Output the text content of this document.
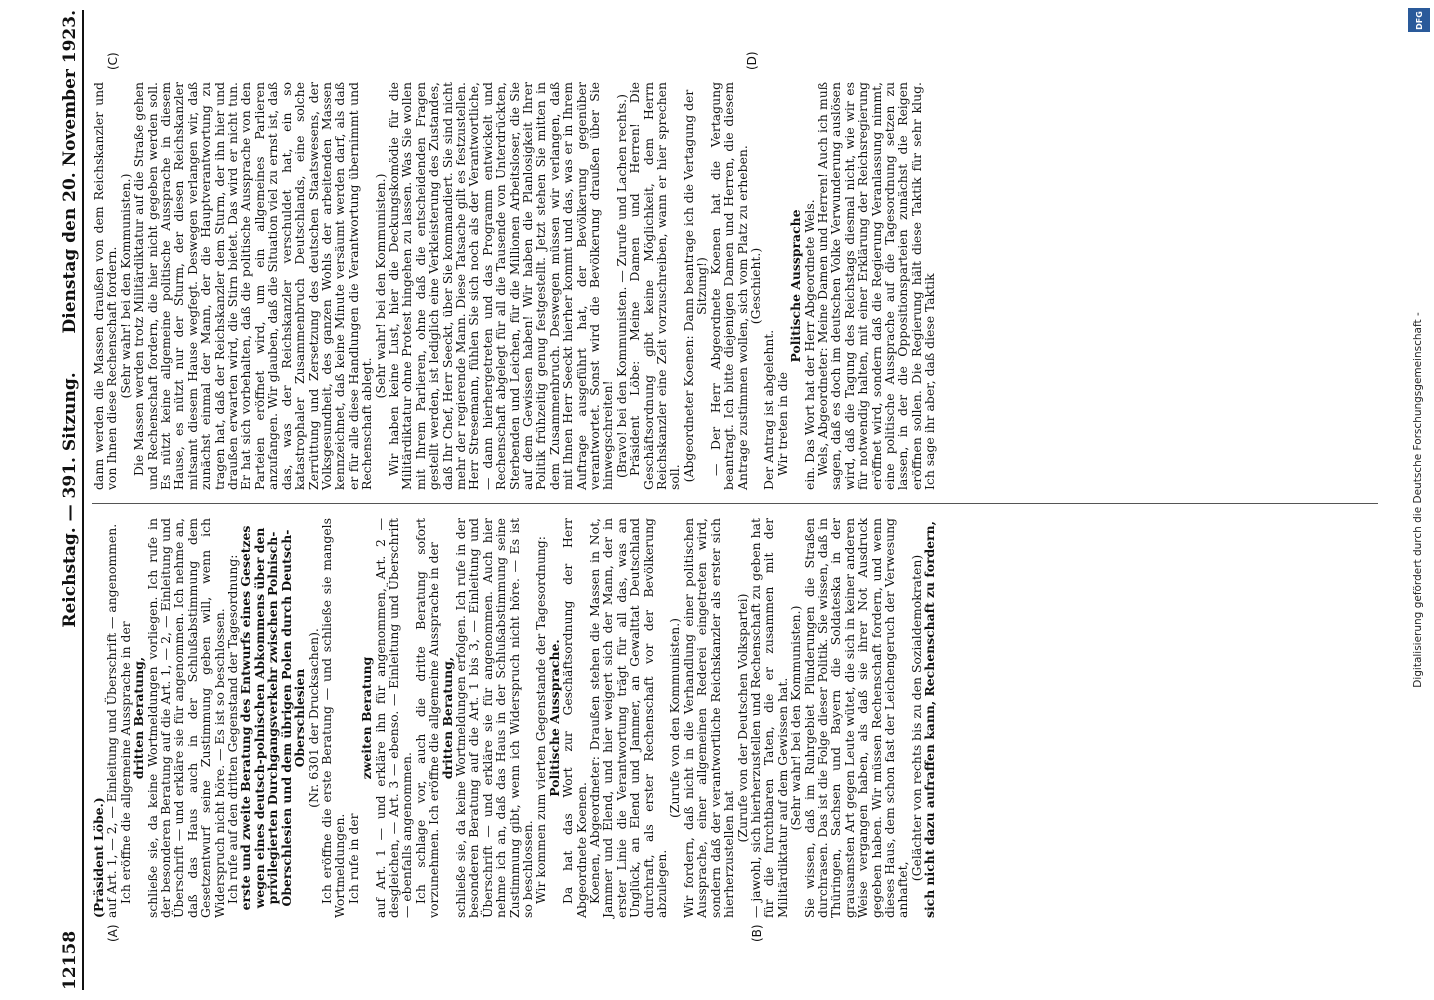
DFG
Digitalisierung gefördert durch die Deutsche Forschungsgemeinschaft -
12158
Reichstag. — 391. Sitzung.
Dienstag den 20. November 1923.
(A)	(B)
(C)	(D)

(Präsident Löbe.)

auf Art. 1, — 2, — Einleitung und Überschrift — angenommen.

Ich eröffne die allgemeine Aussprache in der

dritten Beratung,

schließe sie, da keine Wortmeldungen vorliegen. Ich rufe in der besonderen Beratung auf die Art. 1, — 2, — Einleitung und Überschrift — und erkläre sie für angenommen. Ich nehme an, daß das Haus auch in der Schlußabstimmung dem Gesetzentwurf seine Zustimmung geben will, wenn ich Widerspruch nicht höre. — Es ist so beschlossen.

Ich rufe auf den dritten Gegenstand der Tagesordnung:

erste und zweite Beratung des Entwurfs eines Gesetzes wegen eines deutsch-polnischen Abkommens über den privilegierten Durchgangsverkehr zwischen Polnisch-Oberschlesien und dem übrigen Polen durch Deutsch-Oberschlesien

(Nr. 6301 der Drucksachen).

Ich eröffne die erste Beratung — und schließe sie mangels Wortmeldungen.

Ich rufe in der

zweiten Beratung

auf Art. 1 — und erkläre ihn für angenommen, Art. 2 — desgleichen, — Art. 3 — ebenso. — Einleitung und Überschrift — ebenfalls angenommen.

Ich schlage vor, auch die dritte Beratung sofort vorzunehmen. Ich eröffne die allgemeine Aussprache in der

dritten Beratung,

schließe sie, da keine Wortmeldungen erfolgen. Ich rufe in der besonderen Beratung auf die Art. 1 bis 3, — Einleitung und Überschrift — und erkläre sie für angenommen. Auch hier nehme ich an, daß das Haus in der Schlußabstimmung seine Zustimmung gibt, wenn ich Widerspruch nicht höre. — Es ist so beschlossen.

Wir kommen zum vierten Gegenstande der Tagesordnung:

Politische Aussprache.

Da hat das Wort zur Geschäftsordnung der Herr Abgeordnete Koenen.

Koenen, Abgeordneter: Draußen stehen die Massen in Not, Jammer und Elend, und hier weigert sich der Mann, der in erster Linie die Verantwortung trägt für all das, was an Unglück, an Elend und Jammer, an Gewalttat Deutschland durchraft, als erster Rechenschaft vor der Bevölkerung abzulegen.

(Zurufe von den Kommunisten.)

Wir fordern, daß nicht in die Verhandlung einer politischen Aussprache, einer allgemeinen Rederei eingetreten wird, sondern daß der verantwortliche Reichskanzler als erster sich hierherzustellen hat

(Zurufe von der Deutschen Volkspartei)

— jawohl, sich hierherzustellen und Rechenschaft zu geben hat für die furchtbaren Taten, die er zusammen mit der Militärdiktatur auf dem Gewissen hat.

(Sehr wahr! bei den Kommunisten.)

Sie wissen, daß im Ruhrgebiet Plünderungen die Straßen durchrasen. Das ist die Folge dieser Politik. Sie wissen, daß in Thüringen, Sachsen und Bayern die Soldateska in der grausamsten Art gegen Leute wütet, die sich in keiner anderen Weise vergangen haben, als daß sie ihrer Not Ausdruck gegeben haben. Wir müssen Rechenschaft fordern, und wenn dieses Haus, dem schon fast der Leichengeruch der Verwesung anhaftet,

(Gelächter von rechts bis zu den Sozialdemokraten)

sich nicht dazu aufraffen kann, Rechenschaft zu fordern,

dann werden die Massen draußen von dem Reichskanzler und von Ihnen diese Rechenschaft fordern.

(Sehr wahr! bei den Kommunisten.)

Die Massen werden trotz Militärdiktatur auf die Straße gehen und Rechenschaft fordern, die hier nicht gegeben werden soll. Es nützt keine allgemeine politische Aussprache in diesem Hause, es nützt nur der Sturm, der diesen Reichskanzler mitsamt diesem Hause wegfegt. Deswegen verlangen wir, daß zunächst einmal der Mann, der die Hauptverantwortung zu tragen hat, daß der Reichskanzler dem Sturm, der ihn hier und draußen erwarten wird, die Stirn bietet. Das wird er nicht tun. Er hat sich vorbehalten, daß die politische Aussprache von den Parteien eröffnet wird, um ein allgemeines Parlieren anzufangen. Wir glauben, daß die Situation viel zu ernst ist, daß das, was der Reichskanzler verschuldet hat, ein so katastrophaler Zusammenbruch Deutschlands, eine solche Zerrüttung und Zersetzung des deutschen Staatswesens, der Volksgesundheit, des ganzen Wohls der arbeitenden Massen kennzeichnet, daß keine Minute versäumt werden darf, als daß er für alle diese Handlungen die Verantwortung übernimmt und Rechenschaft ablegt.

(Sehr wahr! bei den Kommunisten.)

Wir haben keine Lust, hier die Deckungskomödie für die Militärdiktatur ohne Protest hingehen zu lassen. Was Sie wollen mit Ihrem Parlieren, ohne daß die entscheidenden Fragen gestellt werden, ist lediglich eine Verkleisterung des Zustandes, daß Ihr Chef, Herr Seeckt, über Sie kommandiert. Sie sind nicht mehr der regierende Mann. Diese Tatsache gilt es festzustellen. Herr Stresemann, fühlen Sie sich noch als der Verantwortliche, — dann hierhergetreten und das Programm entwickelt und Rechenschaft abgelegt für all die Tausende von Unterdrückten, Sterbenden und Leichen, für die Millionen Arbeitsloser, die Sie auf dem Gewissen haben! Wir haben die Planlosigkeit Ihrer Politik frühzeitig genug festgestellt. Jetzt stehen Sie mitten in dem Zusammenbruch. Deswegen müssen wir verlangen, daß mit Ihnen Herr Seeckt hierher kommt und das, was er in Ihrem Auftrage ausgeführt hat, der Bevölkerung gegenüber verantwortet. Sonst wird die Bevölkerung draußen über Sie hinwegschreiten!

(Bravo! bei den Kommunisten. — Zurufe und Lachen rechts.)

Präsident Löbe: Meine Damen und Herren! Die Geschäftsordnung gibt keine Möglichkeit, dem Herrn Reichskanzler eine Zeit vorzuschreiben, wann er hier sprechen soll.

(Abgeordneter Koenen: Dann beantrage ich die Vertagung der Sitzung!)

— Der Herr Abgeordnete Koenen hat die Vertagung beantragt. Ich bitte diejenigen Damen und Herren, die diesem Antrage zustimmen wollen, sich vom Platz zu erheben.

(Geschieht.)

Der Antrag ist abgelehnt.

Wir treten in die

Politische Aussprache

ein. Das Wort hat der Herr Abgeordnete Wels.

Wels, Abgeordneter: Meine Damen und Herren! Auch ich muß sagen, daß es doch im deutschen Volke Verwunderung auslösen wird, daß die Tagung des Reichstags diesmal nicht, wie wir es für notwendig halten, mit einer Erklärung der Reichsregierung eröffnet wird, sondern daß die Regierung Veranlassung nimmt, eine politische Aussprache auf die Tagesordnung setzen zu lassen, in der die Oppositionsparteien zunächst die Reigen eröffnen sollen. Die Regierung hält diese Taktik für sehr klug. Ich sage ihr aber, daß diese Taktik
